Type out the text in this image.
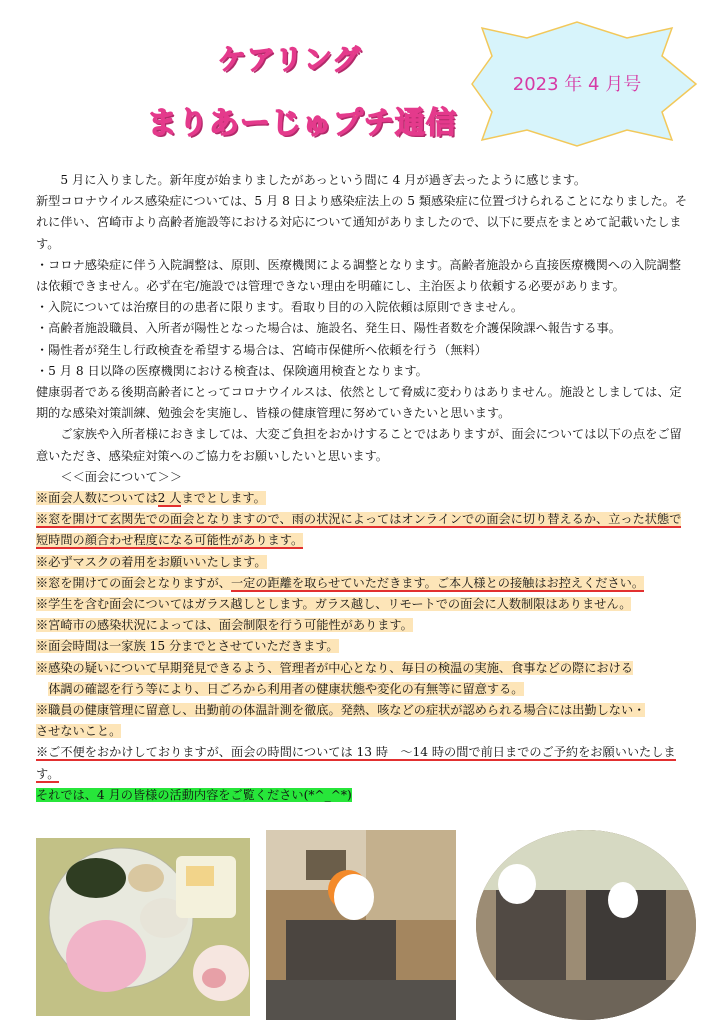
ケアリング
まりあーじゅプチ通信
2023 年 4 月号

5 月に入りました。新年度が始まりましたがあっという間に 4 月が過ぎ去ったように感じます。

新型コロナウイルス感染症については、5 月 8 日より感染症法上の 5 類感染症に位置づけられることになりました。それに伴い、宮崎市より高齢者施設等における対応について通知がありましたので、以下に要点をまとめて記載いたします。

・コロナ感染症に伴う入院調整は、原則、医療機関による調整となります。高齢者施設から直接医療機関への入院調整は依頼できません。必ず在宅/施設では管理できない理由を明確にし、主治医より依頼する必要があります。

・入院については治療目的の患者に限ります。看取り目的の入院依頼は原則できません。

・高齢者施設職員、入所者が陽性となった場合は、施設名、発生日、陽性者数を介護保険課へ報告する事。

・陽性者が発生し行政検査を希望する場合は、宮崎市保健所へ依頼を行う（無料）

・5 月 8 日以降の医療機関における検査は、保険適用検査となります。

健康弱者である後期高齢者にとってコロナウイルスは、依然として脅威に変わりはありません。施設としましては、定期的な感染対策訓練、勉強会を実施し、皆様の健康管理に努めていきたいと思います。

ご家族や入所者様におきましては、大変ご負担をおかけすることではありますが、面会については以下の点をご留意いただき、感染症対策へのご協力をお願いしたいと思います。

＜＜面会について＞＞

※面会人数については2 人までとします。

※窓を開けて玄関先での面会となりますので、雨の状況によってはオンラインでの面会に切り替えるか、立った状態で短時間の顔合わせ程度になる可能性があります。

※必ずマスクの着用をお願いいたします。

※窓を開けての面会となりますが、一定の距離を取らせていただきます。ご本人様との接触はお控えください。

※学生を含む面会についてはガラス越しとします。ガラス越し、リモートでの面会に人数制限はありません。

※宮崎市の感染状況によっては、面会制限を行う可能性があります。

※面会時間は一家族 15 分までとさせていただきます。

※感染の疑いについて早期発見できるよう、管理者が中心となり、毎日の検温の実施、食事などの際における
体調の確認を行う等により、日ごろから利用者の健康状態や変化の有無等に留意する。

※職員の健康管理に留意し、出勤前の体温計測を徹底。発熱、咳などの症状が認められる場合には出勤しない・
させないこと。

※ご不便をおかけしておりますが、面会の時間については 13 時　～14 時の間で前日までのご予約をお願いいたします。

それでは、4 月の皆様の活動内容をご覧ください(*^_^*)
